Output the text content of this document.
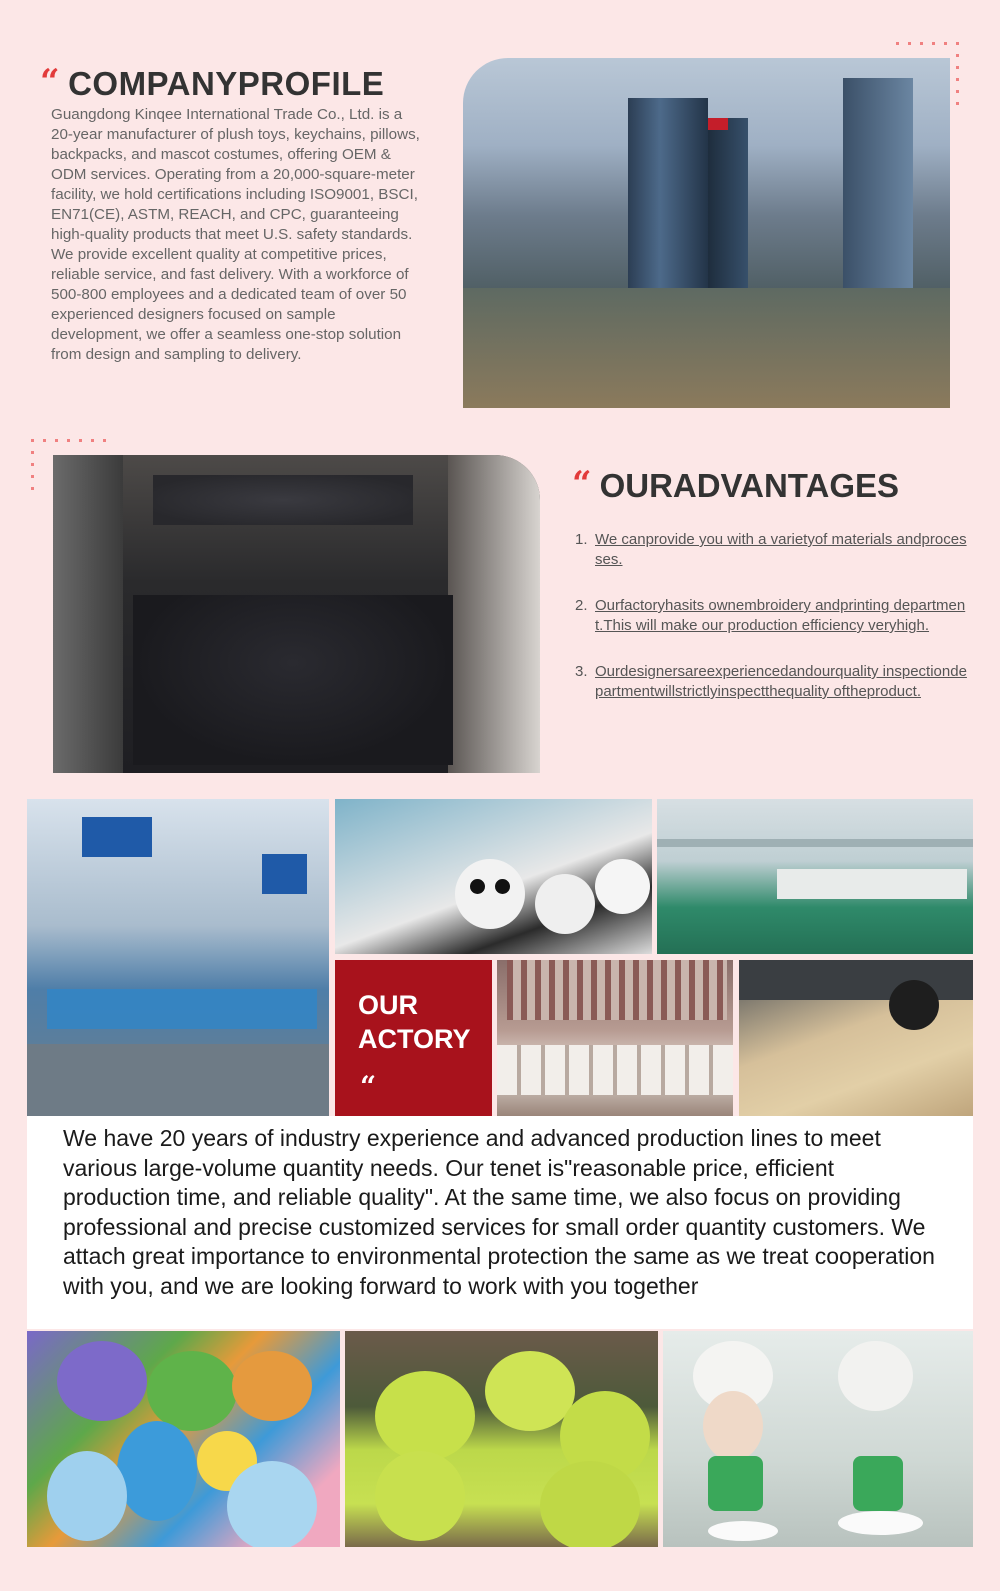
“ COMPANYPROFILE
Guangdong Kinqee International Trade Co., Ltd. is a 20-year manufacturer of plush toys, keychains, pillows, backpacks, and mascot costumes, offering OEM & ODM services. Operating from a 20,000-square-meter facility, we hold certifications including ISO9001, BSCI, EN71(CE), ASTM, REACH, and CPC, guaranteeing high-quality products that meet U.S. safety standards. We provide excellent quality at competitive prices, reliable service, and fast delivery. With a workforce of 500-800 employees and a dedicated team of over 50 experienced designers focused on sample development, we offer a seamless one-stop solution from design and sampling to delivery.
“ OURADVANTAGES
1. We canprovide you with a varietyof materials andprocesses.
2. Ourfactoryhasits ownembroidery andprinting department.This will make our production efficiency veryhigh.
3. Ourdesignersareexperiencedandourquality inspectiondepartmentwillstrictlyinspectthequality oftheproduct.
OUR
ACTORY
“

We have 20 years of industry experience and advanced production lines to meet various large-volume quantity needs. Our tenet is"reasonable price, efficient production time, and reliable quality". At the same time, we also focus on providing professional and precise customized services for small order quantity customers. We attach great importance to environmental protection the same as we treat cooperation with you, and we are looking forward to work with you together
